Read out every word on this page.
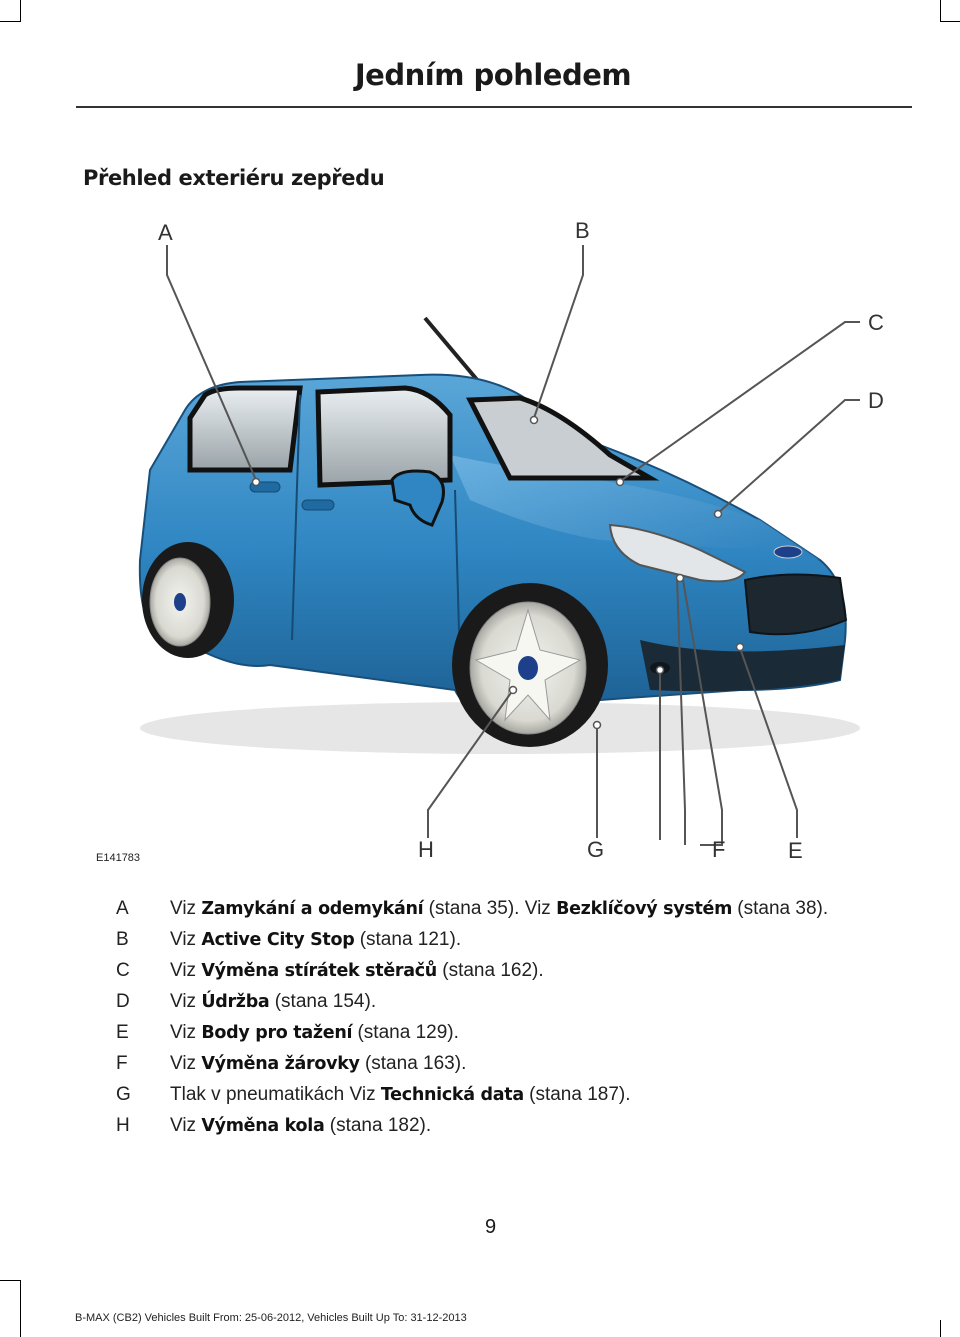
Jedním pohledem
Přehled exteriéru zepředu
A	B
C
D
E
F
G
H
E141783
A	Viz Zamykání a odemykání (stana 35). Viz Bezklíčový systém (stana 38).
B	Viz Active City Stop (stana 121).
C	Viz Výměna stírátek stěračů (stana 162).
D	Viz Údržba (stana 154).
E	Viz Body pro tažení (stana 129).
F	Viz Výměna žárovky (stana 163).
G Tlak v pneumatikách Viz Technická data (stana 187).
H	Viz Výměna kola (stana 182).
9
B-MAX (CB2) Vehicles Built From: 25-06-2012, Vehicles Built Up To: 31-12-2013
